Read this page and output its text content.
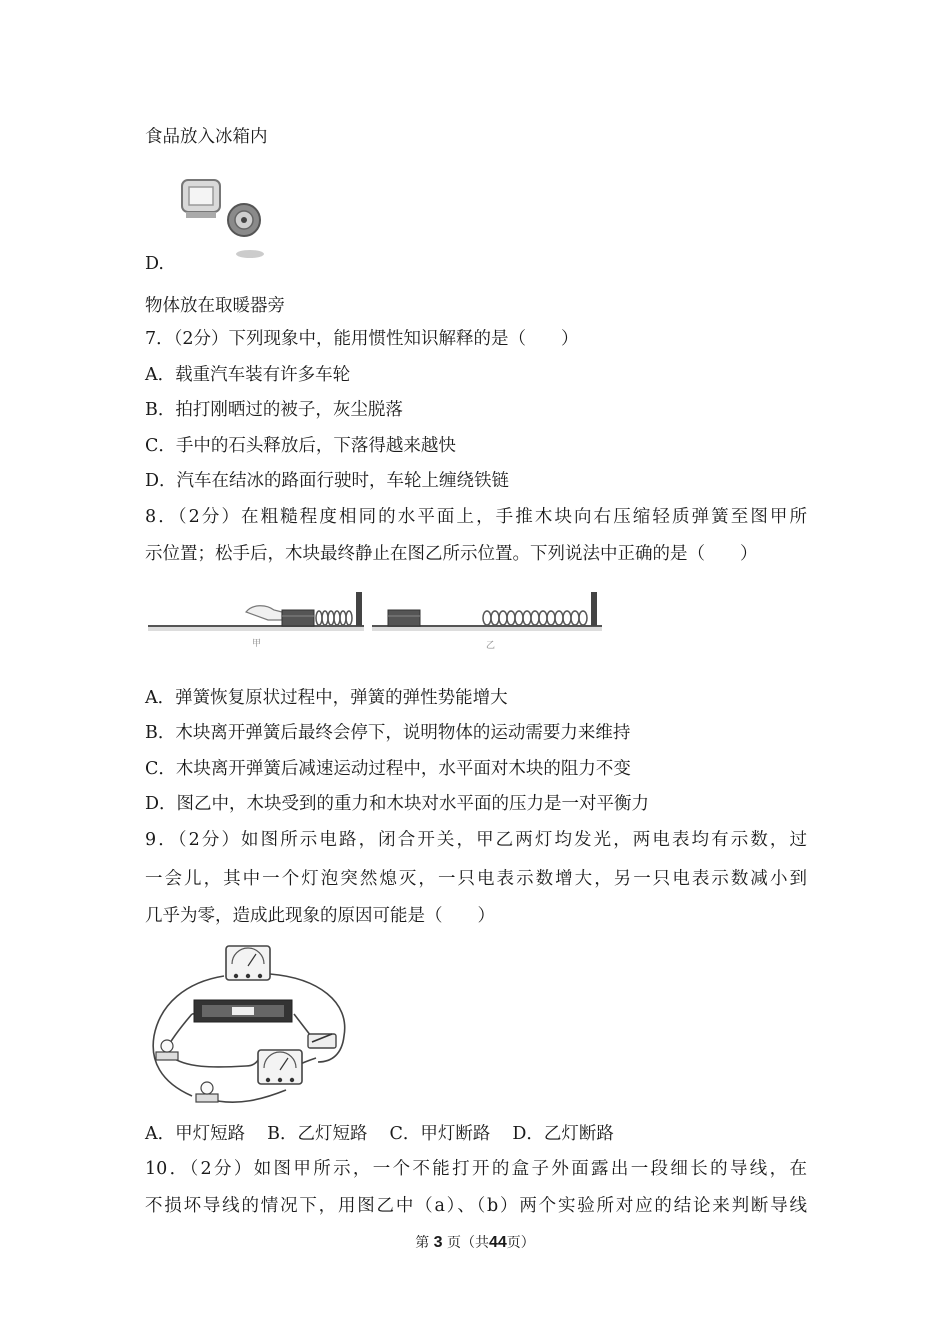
食品放入冰箱内
D.
物体放在取暖器旁
7．（2分）下列现象中，能用惯性知识解释的是（　　）
A．载重汽车装有许多车轮
B．拍打刚晒过的被子，灰尘脱落
C．手中的石头释放后，下落得越来越快
D．汽车在结冰的路面行驶时，车轮上缠绕铁链
8．（2分）在粗糙程度相同的水平面上，手推木块向右压缩轻质弹簧至图甲所
示位置；松手后，木块最终静止在图乙所示位置。下列说法中正确的是（　　）
甲	乙
A．弹簧恢复原状过程中，弹簧的弹性势能增大
B．木块离开弹簧后最终会停下，说明物体的运动需要力来维持
C．木块离开弹簧后减速运动过程中，水平面对木块的阻力不变
D．图乙中，木块受到的重力和木块对水平面的压力是一对平衡力
9．（2分）如图所示电路，闭合开关，甲乙两灯均发光，两电表均有示数，过
一会儿，其中一个灯泡突然熄灭，一只电表示数增大，另一只电表示数减小到
几乎为零，造成此现象的原因可能是（　　）
A．甲灯短路 B．乙灯短路 C．甲灯断路 D．乙灯断路
10．（2分）如图甲所示，一个不能打开的盒子外面露出一段细长的导线，在
不损坏导线的情况下，用图乙中（a）、（b）两个实验所对应的结论来判断导线
第 3 页（共44页）
